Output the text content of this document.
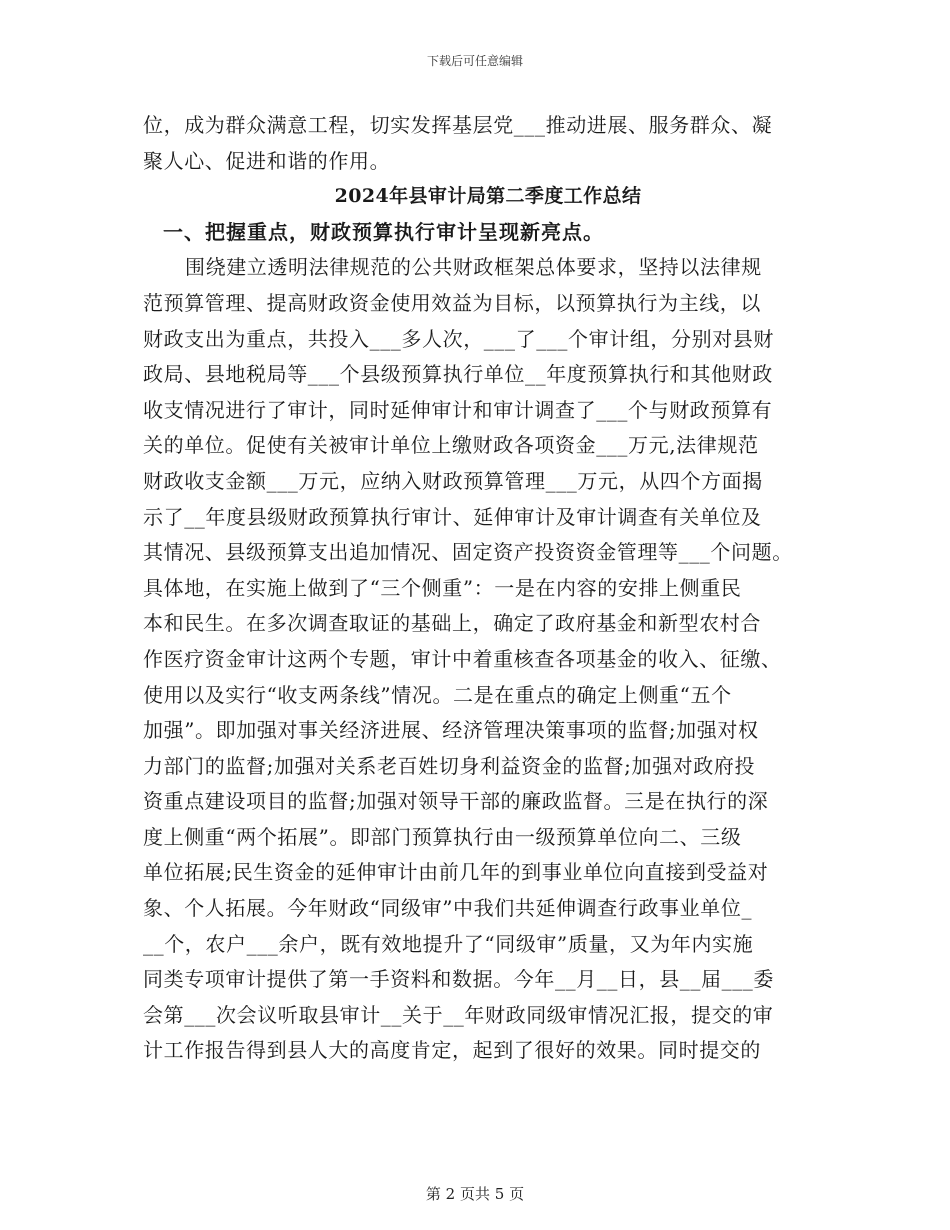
下载后可任意编辑
位，成为群众满意工程，切实发挥基层党___推动进展、服务群众、凝
聚人心、促进和谐的作用。
2024年县审计局第二季度工作总结
一、把握重点，财政预算执行审计呈现新亮点。
围绕建立透明法律规范的公共财政框架总体要求，坚持以法律规
范预算管理、提高财政资金使用效益为目标，以预算执行为主线，以
财政支出为重点，共投入___多人次，___了___个审计组，分别对县财
政局、县地税局等___个县级预算执行单位__年度预算执行和其他财政
收支情况进行了审计，同时延伸审计和审计调查了___个与财政预算有
关的单位。促使有关被审计单位上缴财政各项资金___万元,法律规范
财政收支金额___万元，应纳入财政预算管理___万元，从四个方面揭
示了__年度县级财政预算执行审计、延伸审计及审计调查有关单位及
其情况、县级预算支出追加情况、固定资产投资资金管理等___个问题。
具体地，在实施上做到了“三个侧重”：一是在内容的安排上侧重民
本和民生。在多次调查取证的基础上，确定了政府基金和新型农村合
作医疗资金审计这两个专题，审计中着重核查各项基金的收入、征缴、
使用以及实行“收支两条线”情况。二是在重点的确定上侧重“五个
加强”。即加强对事关经济进展、经济管理决策事项的监督;加强对权
力部门的监督;加强对关系老百姓切身利益资金的监督;加强对政府投
资重点建设项目的监督;加强对领导干部的廉政监督。三是在执行的深
度上侧重“两个拓展”。即部门预算执行由一级预算单位向二、三级
单位拓展;民生资金的延伸审计由前几年的到事业单位向直接到受益对
象、个人拓展。今年财政“同级审”中我们共延伸调查行政事业单位_
__个，农户___余户，既有效地提升了“同级审”质量，又为年内实施
同类专项审计提供了第一手资料和数据。今年__月__日，县__届___委
会第___次会议听取县审计__关于__年财政同级审情况汇报，提交的审
计工作报告得到县人大的高度肯定，起到了很好的效果。同时提交的
第 2 页共 5 页
